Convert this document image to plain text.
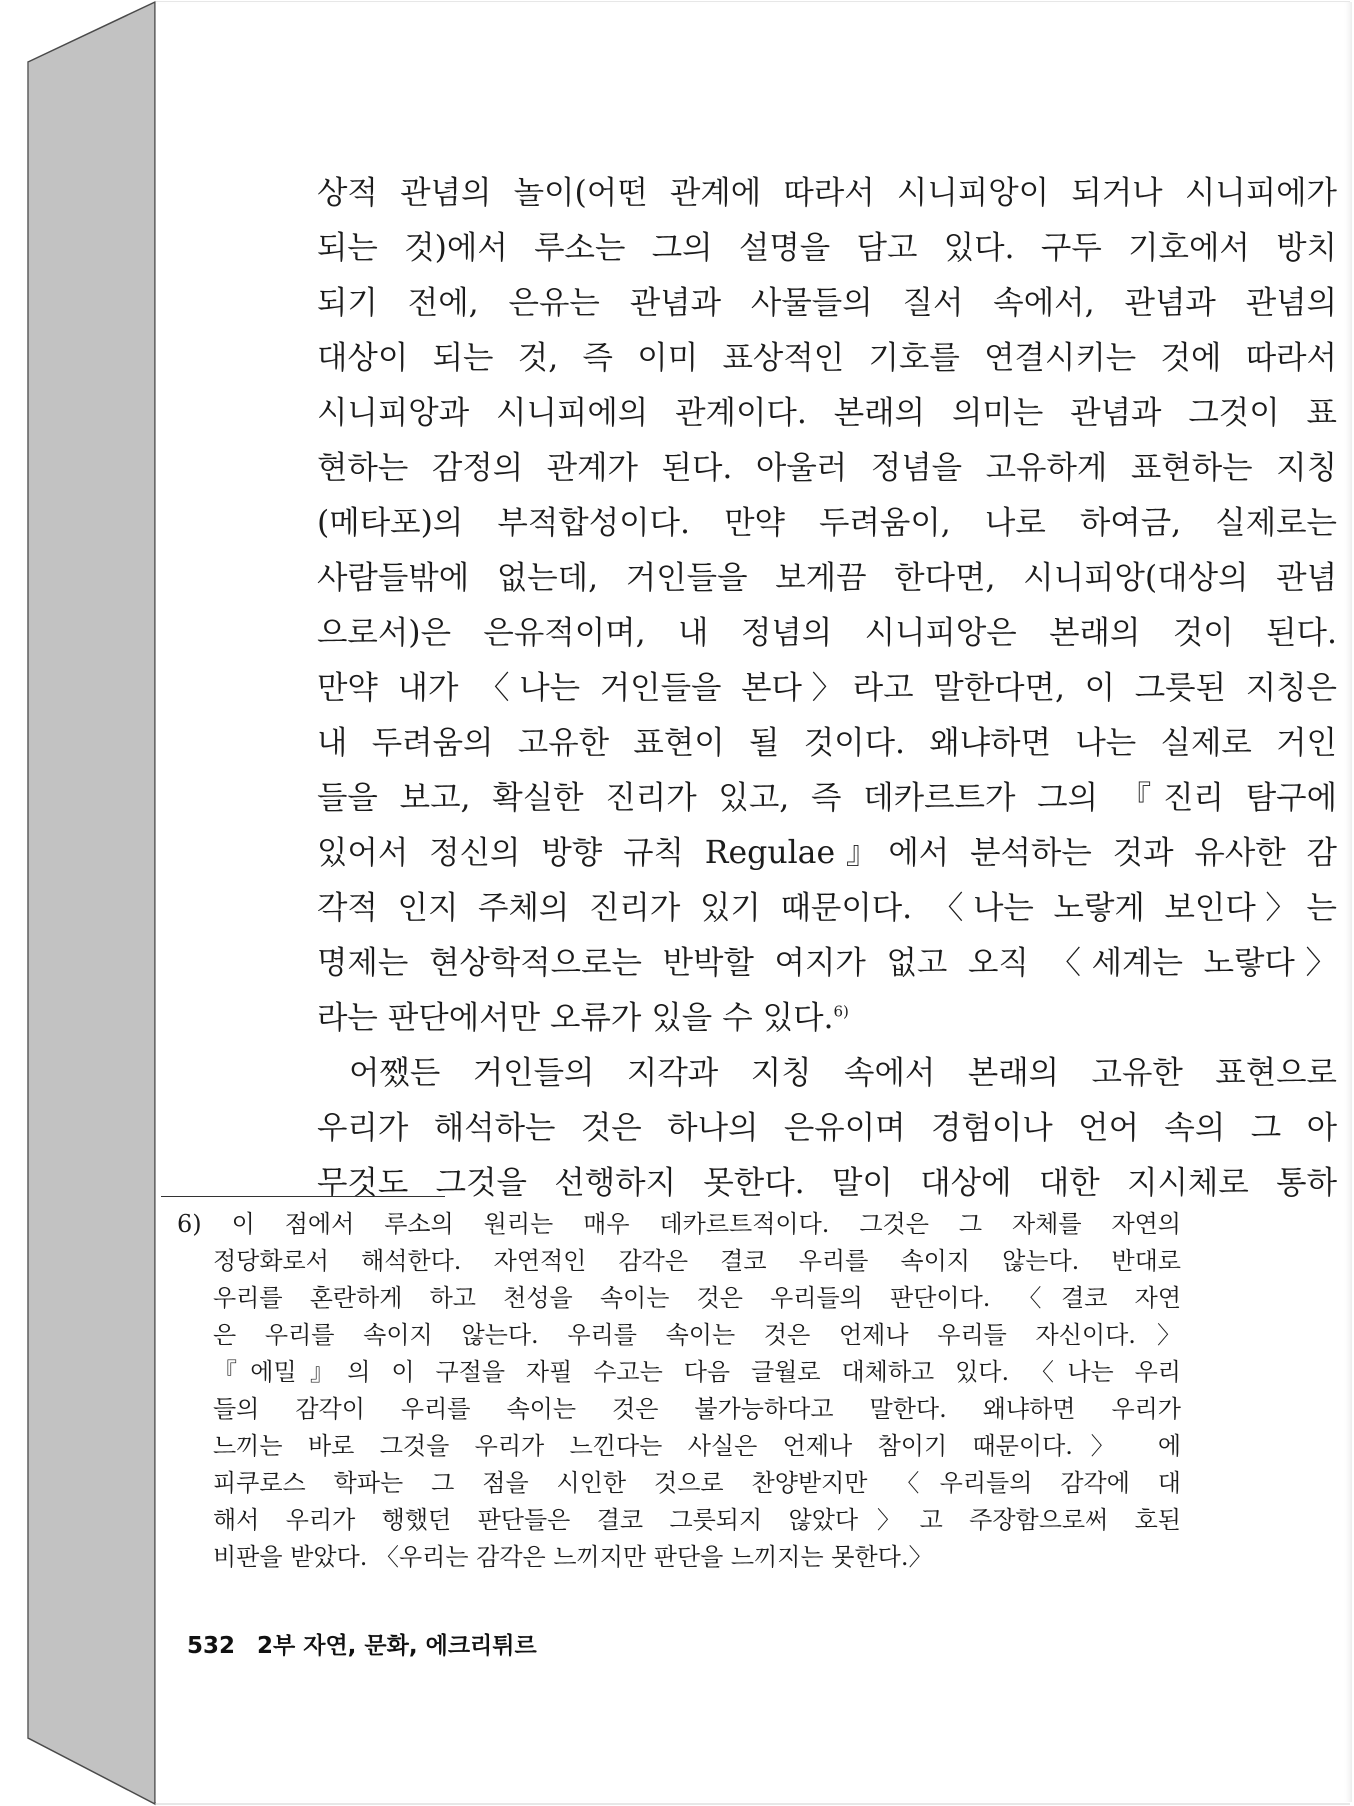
상적 관념의 놀이(어떤 관계에 따라서 시니피앙이 되거나 시니피에가
되는 것)에서 루소는 그의 설명을 담고 있다. 구두 기호에서 방치
되기 전에, 은유는 관념과 사물들의 질서 속에서, 관념과 관념의
대상이 되는 것, 즉 이미 표상적인 기호를 연결시키는 것에 따라서
시니피앙과 시니피에의 관계이다. 본래의 의미는 관념과 그것이 표
현하는 감정의 관계가 된다. 아울러 정념을 고유하게 표현하는 지칭
(메타포)의 부적합성이다. 만약 두려움이, 나로 하여금, 실제로는
사람들밖에 없는데, 거인들을 보게끔 한다면, 시니피앙(대상의 관념
으로서)은 은유적이며, 내 정념의 시니피앙은 본래의 것이 된다.
만약 내가 〈나는 거인들을 본다〉라고 말한다면, 이 그릇된 지칭은
내 두려움의 고유한 표현이 될 것이다. 왜냐하면 나는 실제로 거인
들을 보고, 확실한 진리가 있고, 즉 데카르트가 그의 『진리 탐구에
있어서 정신의 방향 규칙 Regulae』에서 분석하는 것과 유사한 감
각적 인지 주체의 진리가 있기 때문이다. 〈나는 노랗게 보인다〉는
명제는 현상학적으로는 반박할 여지가 없고 오직 〈세계는 노랗다〉
라는 판단에서만 오류가 있을 수 있다.$^{6)}$
어쨌든 거인들의 지각과 지칭 속에서 본래의 고유한 표현으로
우리가 해석하는 것은 하나의 은유이며 경험이나 언어 속의 그 아
무것도 그것을 선행하지 못한다. 말이 대상에 대한 지시체로 통하
6) 이 점에서 루소의 원리는 매우 데카르트적이다. 그것은 그 자체를 자연의
정당화로서 해석한다. 자연적인 감각은 결코 우리를 속이지 않는다. 반대로
우리를 혼란하게 하고 천성을 속이는 것은 우리들의 판단이다. 〈결코 자연
은 우리를 속이지 않는다. 우리를 속이는 것은 언제나 우리들 자신이다.〉
『에밀』의 이 구절을 자필 수고는 다음 글월로 대체하고 있다. 〈나는 우리
들의 감각이 우리를 속이는 것은 불가능하다고 말한다. 왜냐하면 우리가
느끼는 바로 그것을 우리가 느낀다는 사실은 언제나 참이기 때문이다.〉 에
피쿠로스 학파는 그 점을 시인한 것으로 찬양받지만 〈우리들의 감각에 대
해서 우리가 행했던 판단들은 결코 그릇되지 않았다〉고 주장함으로써 호된
비판을 받았다. 〈우리는 감각은 느끼지만 판단을 느끼지는 못한다.〉
532 2부 자연, 문화, 에크리튀르
